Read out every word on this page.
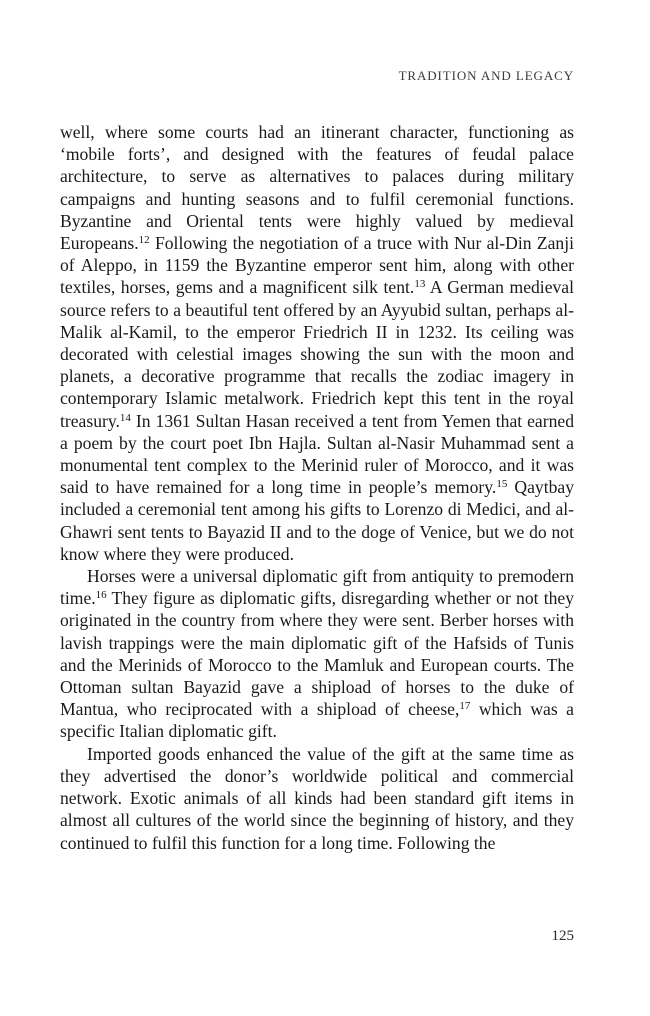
TRADITION AND LEGACY

well, where some courts had an itinerant character, functioning as ‘mobile forts’, and designed with the features of feudal palace architecture, to serve as alternatives to palaces during military campaigns and hunting seasons and to fulfil ceremonial functions. Byzantine and Oriental tents were highly valued by medieval Europeans.$^{12}$ Following the negotiation of a truce with Nur al-Din Zanji of Aleppo, in 1159 the Byzantine emperor sent him, along with other textiles, horses, gems and a magnificent silk tent.$^{13}$ A German medieval source refers to a beautiful tent offered by an Ayyubid sultan, perhaps al-Malik al-Kamil, to the emperor Friedrich II in 1232. Its ceiling was decorated with celestial images showing the sun with the moon and planets, a decorative programme that recalls the zodiac imagery in contemporary Islamic metalwork. Friedrich kept this tent in the royal treasury.$^{14}$ In 1361 Sultan Hasan received a tent from Yemen that earned a poem by the court poet Ibn Hajla. Sultan al-Nasir Muhammad sent a monumental tent complex to the Merinid ruler of Morocco, and it was said to have remained for a long time in people’s memory.$^{15}$ Qaytbay included a ceremonial tent among his gifts to Lorenzo di Medici, and al-Ghawri sent tents to Bayazid II and to the doge of Venice, but we do not know where they were produced.

Horses were a universal diplomatic gift from antiquity to premodern time.$^{16}$ They figure as diplomatic gifts, disregarding whether or not they originated in the country from where they were sent. Berber horses with lavish trappings were the main diplomatic gift of the Hafsids of Tunis and the Merinids of Morocco to the Mamluk and European courts. The Ottoman sultan Bayazid gave a shipload of horses to the duke of Mantua, who reciprocated with a shipload of cheese,$^{17}$ which was a specific Italian diplomatic gift.

Imported goods enhanced the value of the gift at the same time as they advertised the donor’s worldwide political and commercial network. Exotic animals of all kinds had been standard gift items in almost all cultures of the world since the beginning of history, and they continued to fulfil this function for a long time. Following the

125
